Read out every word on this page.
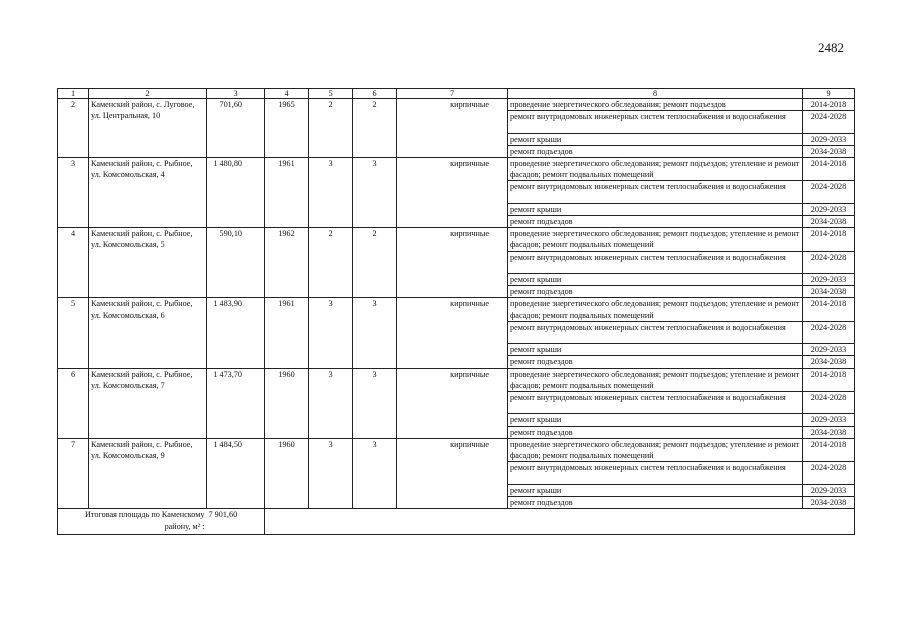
2482
1	2	3	4	5	6	7	8	9
2	Каменский район, с. Луговое, ул. Центральная, 10	701,60	1965	2	2	кирпичные	проведение энергетического обследования; ремонт подъездов	2014-2018
							ремонт внутридомовых инженерных систем теплоснабжения и водоснабжения	2024-2028
							ремонт крыши	2029-2033
							ремонт подъездов	2034-2038
3	Каменский район, с. Рыбное, ул. Комсомольская, 4	1 480,80	1961	3	3	кирпичные	проведение энергетического обследования; ремонт подъездов; утепление и ремонт фасадов; ремонт подвальных помещений	2014-2018
							ремонт внутридомовых инженерных систем теплоснабжения и водоснабжения	2024-2028
							ремонт крыши	2029-2033
							ремонт подъездов	2034-2038
4	Каменский район, с. Рыбное, ул. Комсомольская, 5	590,10	1962	2	2	кирпичные	проведение энергетического обследования; ремонт подъездов; утепление и ремонт фасадов; ремонт подвальных помещений	2014-2018
							ремонт внутридомовых инженерных систем теплоснабжения и водоснабжения	2024-2028
							ремонт крыши	2029-2033
							ремонт подъездов	2034-2038
5	Каменский район, с. Рыбное, ул. Комсомольская, 6	1 483,90	1961	3	3	кирпичные	проведение энергетического обследования; ремонт подъездов; утепление и ремонт фасадов; ремонт подвальных помещений	2014-2018
							ремонт внутридомовых инженерных систем теплоснабжения и водоснабжения	2024-2028
							ремонт крыши	2029-2033
							ремонт подъездов	2034-2038
6	Каменский район, с. Рыбное, ул. Комсомольская, 7	1 473,70	1960	3	3	кирпичные	проведение энергетического обследования; ремонт подъездов; утепление и ремонт фасадов; ремонт подвальных помещений	2014-2018
							ремонт внутридомовых инженерных систем теплоснабжения и водоснабжения	2024-2028
							ремонт крыши	2029-2033
							ремонт подъездов	2034-2038
7	Каменский район, с. Рыбное, ул. Комсомольская, 9	1 484,50	1960	3	3	кирпичные	проведение энергетического обследования; ремонт подъездов; утепление и ремонт фасадов; ремонт подвальных помещений	2014-2018
							ремонт внутридомовых инженерных систем теплоснабжения и водоснабжения	2024-2028
							ремонт крыши	2029-2033
							ремонт подъездов	2034-2038
Итоговая площадь по Каменскому району, м² :		7 901,60						
